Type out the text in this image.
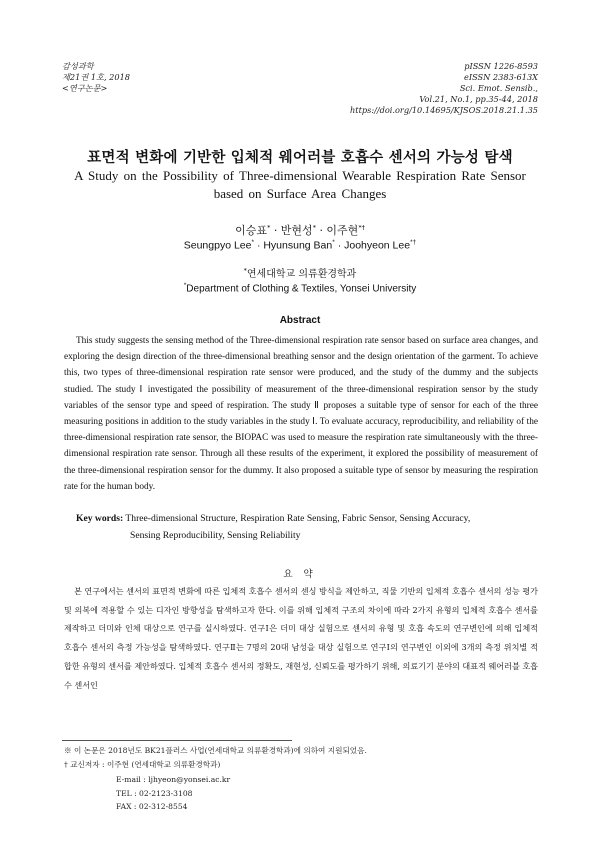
감성과학
제21권 1호, 2018
<연구논문>
pISSN 1226-8593
eISSN 2383-613X
Sci. Emot. Sensib.,
Vol.21, No.1, pp.35-44, 2018
https://doi.org/10.14695/KJSOS.2018.21.1.35
표면적 변화에 기반한 입체적 웨어러블 호흡수 센서의 가능성 탐색
A Study on the Possibility of Three-dimensional Wearable Respiration Rate Sensor based on Surface Area Changes
이승표* · 반현성* · 이주현*†
Seungpyo Lee* · Hyunsung Ban* · Joohyeon Lee*†
*연세대학교 의류환경학과
*Department of Clothing & Textiles, Yonsei University
Abstract

This study suggests the sensing method of the Three-dimensional respiration rate sensor based on surface area changes, and exploring the design direction of the three-dimensional breathing sensor and the design orientation of the garment. To achieve this, two types of three-dimensional respiration rate sensor were produced, and the study of the dummy and the subjects studied. The study Ⅰ investigated the possibility of measurement of the three-dimensional respiration sensor by the study variables of the sensor type and speed of respiration. The study Ⅱ proposes a suitable type of sensor for each of the three measuring positions in addition to the study variables in the study Ⅰ. To evaluate accuracy, reproducibility, and reliability of the three-dimensional respiration rate sensor, the BIOPAC was used to measure the respiration rate simultaneously with the three-dimensional respiration rate sensor. Through all these results of the experiment, it explored the possibility of measurement of the three-dimensional respiration sensor for the dummy. It also proposed a suitable type of sensor by measuring the respiration rate for the human body.

Key words: Three-dimensional Structure, Respiration Rate Sensing, Fabric Sensor, Sensing Accuracy,
Sensing Reproducibility, Sensing Reliability
요 약

본 연구에서는 센서의 표면적 변화에 따른 입체적 호흡수 센서의 센싱 방식을 제안하고, 직물 기반의 입체적 호흡수 센서의 성능 평가 및 의복에 적용할 수 있는 디자인 방향성을 탐색하고자 한다. 이를 위해 입체적 구조의 차이에 따라 2가지 유형의 입체적 호흡수 센서를 제작하고 더미와 인체 대상으로 연구를 실시하였다. 연구Ⅰ은 더미 대상 실험으로 센서의 유형 및 호흡 속도의 연구변인에 의해 입체적 호흡수 센서의 측정 가능성을 탐색하였다. 연구Ⅱ는 7명의 20대 남성을 대상 실험으로 연구Ⅰ의 연구변인 이외에 3개의 측정 위치별 적합한 유형의 센서를 제안하였다. 입체적 호흡수 센서의 정확도, 재현성, 신뢰도를 평가하기 위해, 의료기기 분야의 대표적 웨어러블 호흡수 센서인

※ 이 논문은 2018년도 BK21플러스 사업(연세대학교 의류환경학과)에 의하여 지원되었음.
† 교신저자 : 이주현 (연세대학교 의류환경학과)
E-mail : ljhyeon@yonsei.ac.kr
TEL : 02-2123-3108
FAX : 02-312-8554
